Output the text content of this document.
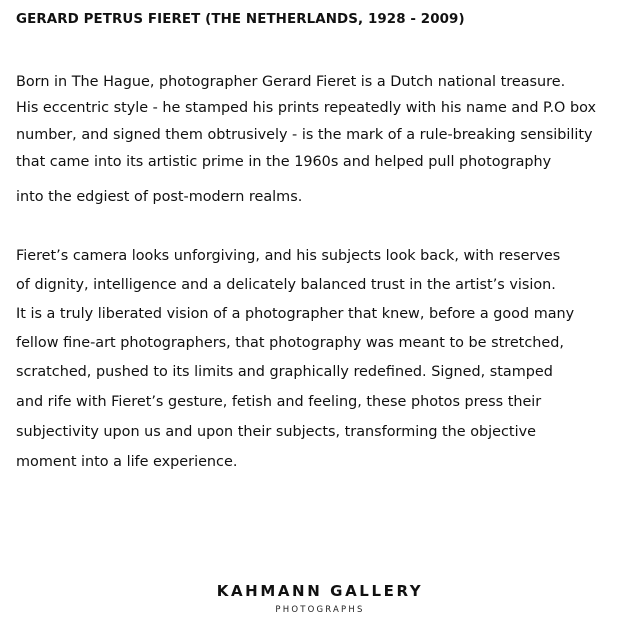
GERARD PETRUS FIERET (THE NETHERLANDS, 1928 - 2009)
Born in The Hague, photographer Gerard Fieret is a Dutch national treasure.
His eccentric style - he stamped his prints repeatedly with his name and P.O box
number, and signed them obtrusively - is the mark of a rule-breaking sensibility
that came into its artistic prime in the 1960s and helped pull photography
into the edgiest of post-modern realms.
Fieret’s camera looks unforgiving, and his subjects look back, with reserves
of dignity, intelligence and a delicately balanced trust in the artist’s vision.
It is a truly liberated vision of a photographer that knew, before a good many
fellow fine-art photographers, that photography was meant to be stretched,
scratched, pushed to its limits and graphically redefined. Signed, stamped
and rife with Fieret’s gesture, fetish and feeling, these photos press their
subjectivity upon us and upon their subjects, transforming the objective
moment into a life experience.
KAHMANN GALLERY
PHOTOGRAPHS
